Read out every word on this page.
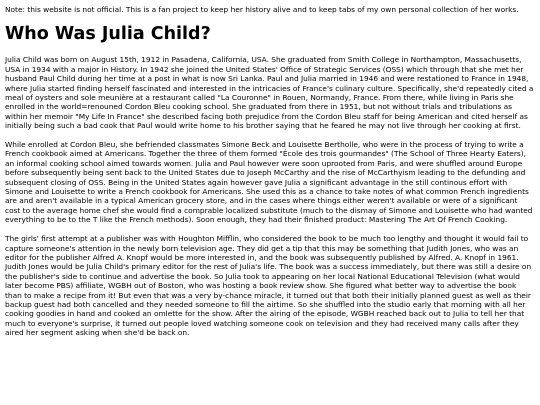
Note: this website is not official. This is a fan project to keep her history alive and to keep tabs of my own personal collection of her works.

Who Was Julia Child?

Julia Child was born on August 15th, 1912 in Pasadena, California, USA. She graduated from Smith College in Northampton, Massachusetts, USA in 1934 with a major in History. In 1942 she joined the United States' Office of Strategic Services (OSS) which through that she met her husband Paul Child during her time at a post in what is now Sri Lanka. Paul and Julia married in 1946 and were restationed to France in 1948, where Julia started finding herself fascinated and interested in the intricacies of France's culinary culture. Specifically, she'd repeatedly cited a meal of oysters and sole meunière at a restaurant called "La Couronne" in Rouen, Normandy, France. From there, while living in Paris she enrolled in the world=renouned Cordon Bleu cooking school. She graduated from there in 1951, but not without trials and tribulations as within her memoir "My Life In France" she described facing both prejudice from the Cordon Bleu staff for being American and cited herself as initially being such a bad cook that Paul would write home to his brother saying that he feared he may not live through her cooking at first.

While enrolled at Cordon Bleu, she befriended classmates Simone Beck and Louisette Bertholle, who were in the process of trying to write a French cookbook aimed at Americans. Together the three of them formed "École des trois gourmandes" (The School of Three Hearty Eaters), an informal cooking school aimed towards women. Julia and Paul however were soon uprooted from Paris, and were shuffled around Europe before subsequently being sent back to the United States due to Joseph McCarthy and the rise of McCarthyism leading to the defunding and subsequent closing of OSS. Being in the United States again however gave Julia a significant advantage in the still continous effort with Simone and Louisette to write a French cookbook for Americans. She used this as a chance to take notes of what common French ingredients are and aren't available in a typical American grocery store, and in the cases where things either weren't available or were of a significant cost to the average home chef she would find a comprable localized substitute (much to the dismay of Simone and Louisette who had wanted everything to be to the T like the French methods). Soon enough, they had their finished product: Mastering The Art Of French Cooking.

The girls' first attempt at a publisher was with Houghton Mifflin, who considered the book to be much too lengthy and thought it would fail to capture someone's attention in the newly born television age. They did get a tip that this may be something that Judith Jones, who was an editor for the publisher Alfred A. Knopf would be more interested in, and the book was subsequently published by Alfred. A. Knopf in 1961. Judith Jones would be Julia Child's primary editor for the rest of Julia's life. The book was a success immediately, but there was still a desire on the publisher's side to continue and advertise the book. So Julia took to appearing on her local National Educational Television (what would later become PBS) affiliate, WGBH out of Boston, who was hosting a book review show. She figured what better way to advertise the book than to make a recipe from it! But even that was a very by-chance miracle, it turned out that both their initially planned guest as well as their backup guest had both cancelled and they needed someone to fill the airtime. So she shuffled into the studio early that morning with all her cooking goodies in hand and cooked an omlette for the show. After the airing of the episode, WGBH reached back out to Julia to tell her that much to everyone's surprise, it turned out people loved watching someone cook on television and they had received many calls after they aired her segment asking when she'd be back on.
